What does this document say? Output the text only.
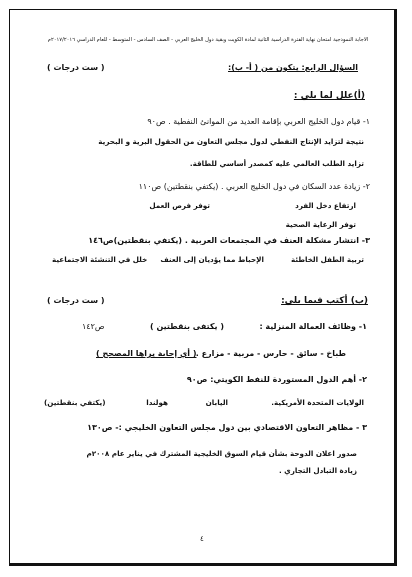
الاجابة النموذجية امتحان نهاية الفترة الدراسية الثانية لمادة الكويت وبقية دول الخليج العربي - الصف السادس - المتوسط - للعام الدراسي ٢٠١٧/٢٠١٦م
السؤال الرابع: يتكون من ( أ- ب):
( ست درجات )
(أ)علل لما يلي :
١- قيام دول الخليج العربي بإقامة العديد من الموانئ النفطية . ص٩٠
نتيجة لتزايد الإنتاج النفطي لدول مجلس التعاون من الحقول البرية و البحرية
تزايد الطلب العالمي عليه كمصدر أساسي للطاقة.
٢- زيادة عدد السكان في دول الخليج العربي . (يكتفي بنقطتين) ص١١٠
ارتفاع دخل الفرد
توفر فرص العمل
توفر الرعاية الصحية
٣- انتشار مشكلة العنف في المجتمعات العربية . (يكتفي بنقطتين)ص١٤٦
تربية الطفل الخاطئة
الإحباط مما يؤديان إلى العنف
خلل في التنشئة الاجتماعية
(ب) أكتب فيما يلي:
( ست درجات )
١- وظائف العمالة المنزلية :
( يكتفى بنقطتين )
ص١٤٢
طباخ - سائق - حارس - مربية - مزارع .
( أي إجابة يراها المصحح )
٢- أهم الدول المستوردة للنفط الكويتي: ص٩٠
الولايات المتحدة الأمريكية.
اليابان
هولندا
(يكتفي بنقطتين)
٣ - مظاهر التعاون الاقتصادي بين دول مجلس التعاون الخليجي :- ص١٣٠
صدور اعلان الدوحة بشأن قيام السوق الخليجية المشترك في يناير عام ٢٠٠٨م
زيادة التبادل التجاري .
٤
